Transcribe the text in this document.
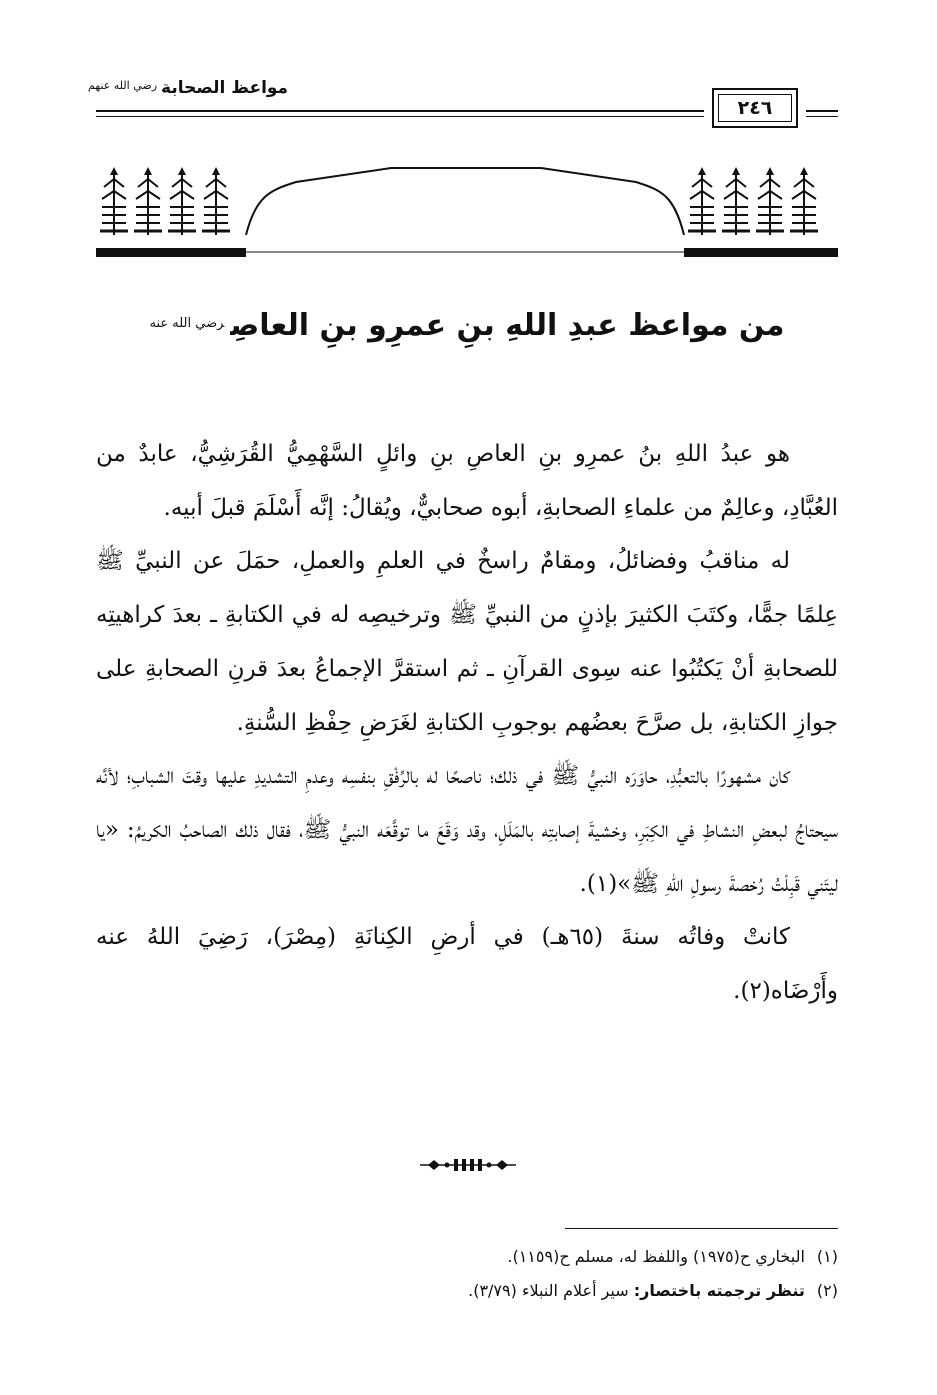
مواعظ الصحابة$^{رضي الله عنهم}$
٢٤٦
من مواعظ عبدِ اللهِ بنِ عمرِو بنِ العاصِ$^{رضي الله عنه}$

هو عبدُ اللهِ بنُ عمرِو بنِ العاصِ بنِ وائلٍ السَّهْمِيُّ القُرَشِيُّ، عابدٌ من العُبَّادِ، وعالِمٌ من علماءِ الصحابةِ، أبوه صحابيٌّ، ويُقالُ: إنَّه أَسْلَمَ قبلَ أبيه.

له مناقبُ وفضائلُ، ومقامٌ راسخٌ في العلمِ والعملِ، حمَلَ عن النبيِّ ﷺ عِلمًا جمًّا، وكتَبَ الكثيرَ بإذنٍ من النبيِّ ﷺ وترخيصِه له في الكتابةِ ـ بعدَ كراهيتِه للصحابةِ أنْ يَكتُبُوا عنه سِوى القرآنِ ـ ثم استقرَّ الإجماعُ بعدَ قرنِ الصحابةِ على جوازِ الكتابةِ، بل صرَّحَ بعضُهم بوجوبِ الكتابةِ لغَرَضِ حِفْظِ السُّنةِ.

كان مشهورًا بالتعبُّدِ، حاوَرَه النبيُّ ﷺ في ذلك؛ ناصحًا له بالرِّفْقِ بنفسِه وعدمِ التشديدِ عليها وقتَ الشبابِ؛ لأنَّه سيحتاجُ لبعضِ النشاطِ في الكِبَرِ، وخشيةَ إصابتِه بالمَلَلِ، وقد وَقَعَ ما توقَّعَه النبيُّ ﷺ، فقال ذلك الصاحبُ الكريمُ: «يا ليتَني قَبِلْتُ رُخصةَ رسولِ اللهِ ﷺ»(١).

كانتْ وفاتُه سنةَ (٦٥هـ) في أرضِ الكِنانَةِ (مِصْرَ)، رَضِيَ اللهُ عنه وأَرْضَاه(٢).

(١)البخاري ح(١٩٧٥) واللفظ له، مسلم ح(١١٥٩).
(٢)تنظر ترجمته باختصار: سير أعلام النبلاء (٣/٧٩).
